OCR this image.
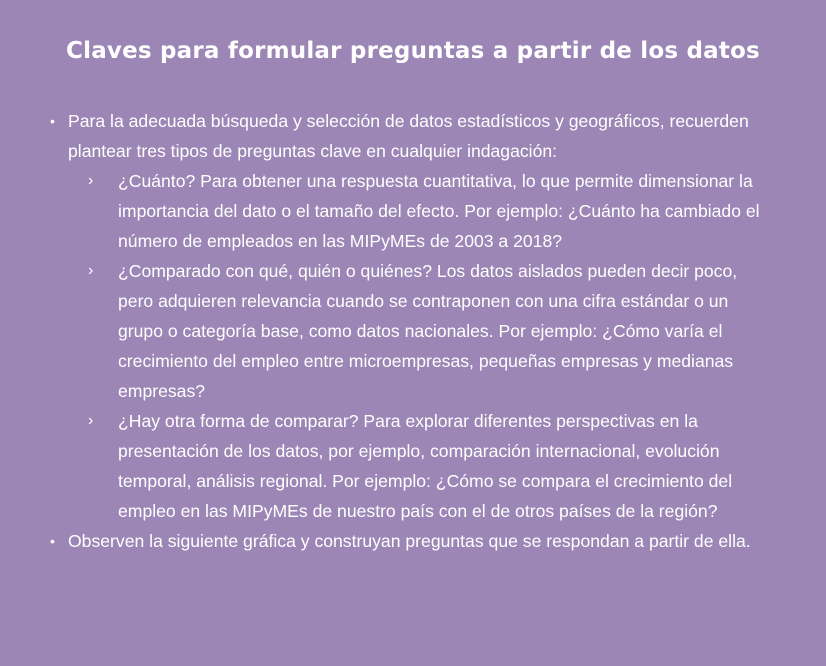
Claves para formular preguntas a partir de los datos
• Para la adecuada búsqueda y selección de datos estadísticos y geográficos, recuerden plantear tres tipos de preguntas clave en cualquier indagación:
› ¿Cuánto? Para obtener una respuesta cuantitativa, lo que permite dimensionar la importancia del dato o el tamaño del efecto. Por ejemplo: ¿Cuánto ha cambiado el número de empleados en las MIPyMEs de 2003 a 2018?
› ¿Comparado con qué, quién o quiénes? Los datos aislados pueden decir poco, pero adquieren relevancia cuando se contraponen con una cifra estándar o un grupo o categoría base, como datos nacionales. Por ejemplo: ¿Cómo varía el crecimiento del empleo entre microempresas, pequeñas empresas y medianas empresas?
› ¿Hay otra forma de comparar? Para explorar diferentes perspectivas en la presentación de los datos, por ejemplo, comparación internacional, evolución temporal, análisis regional. Por ejemplo: ¿Cómo se compara el crecimiento del empleo en las MIPyMEs de nuestro país con el de otros países de la región?
• Observen la siguiente gráfica y construyan preguntas que se respondan a partir de ella.
